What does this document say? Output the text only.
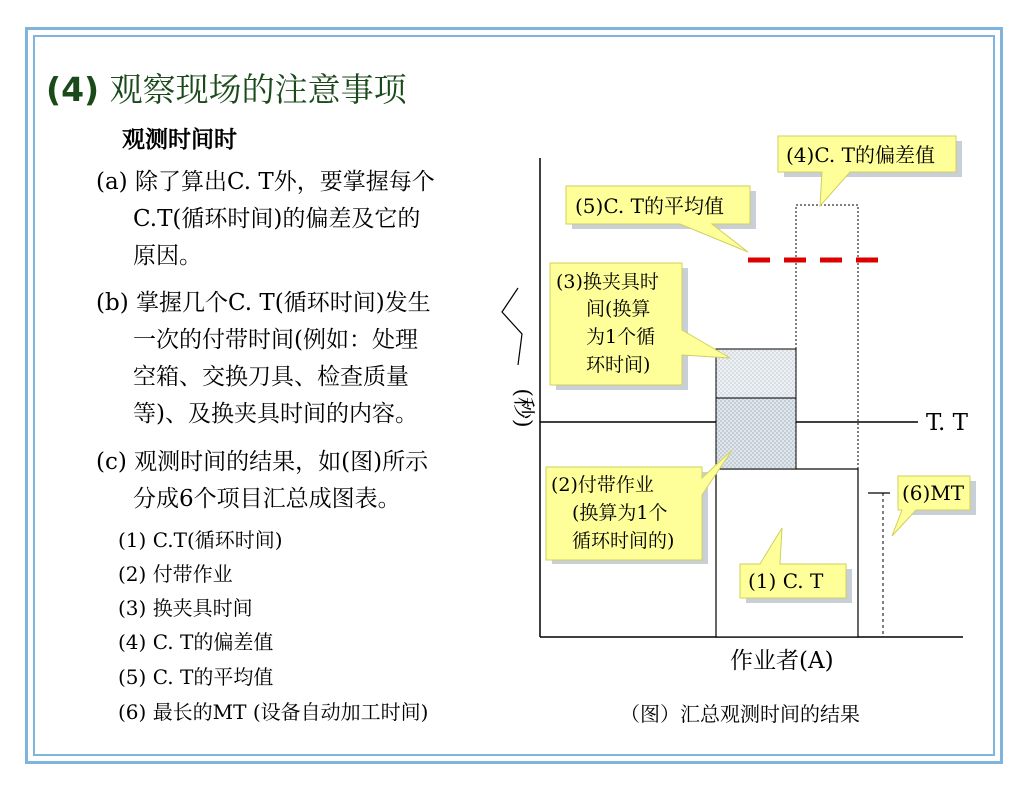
(4) 观察现场的注意事项
观测时间时
(a) 除了算出C. T外，要掌握每个
C.T(循环时间)的偏差及它的
原因。
(b) 掌握几个C. T(循环时间)发生
一次的付带时间(例如：处理
空箱、交换刀具、检查质量
等)、及换夹具时间的内容。
(c) 观测时间的结果，如(图)所示
分成6个项目汇总成图表。
(1) C.T(循环时间)
(2) 付带作业
(3) 换夹具时间
(4) C. T的偏差值
(5) C. T的平均值
(6) 最长的MT (设备自动加工时间)
(4)C. T的偏差值
(5)C. T的平均值
(3)换夹具时
间(换算
为1个循
环时间)
(2)付带作业
(换算为1个
循环时间的)
(1) C. T
(6)MT
T. T
作业者(A)
(秒)
（图）汇总观测时间的结果
